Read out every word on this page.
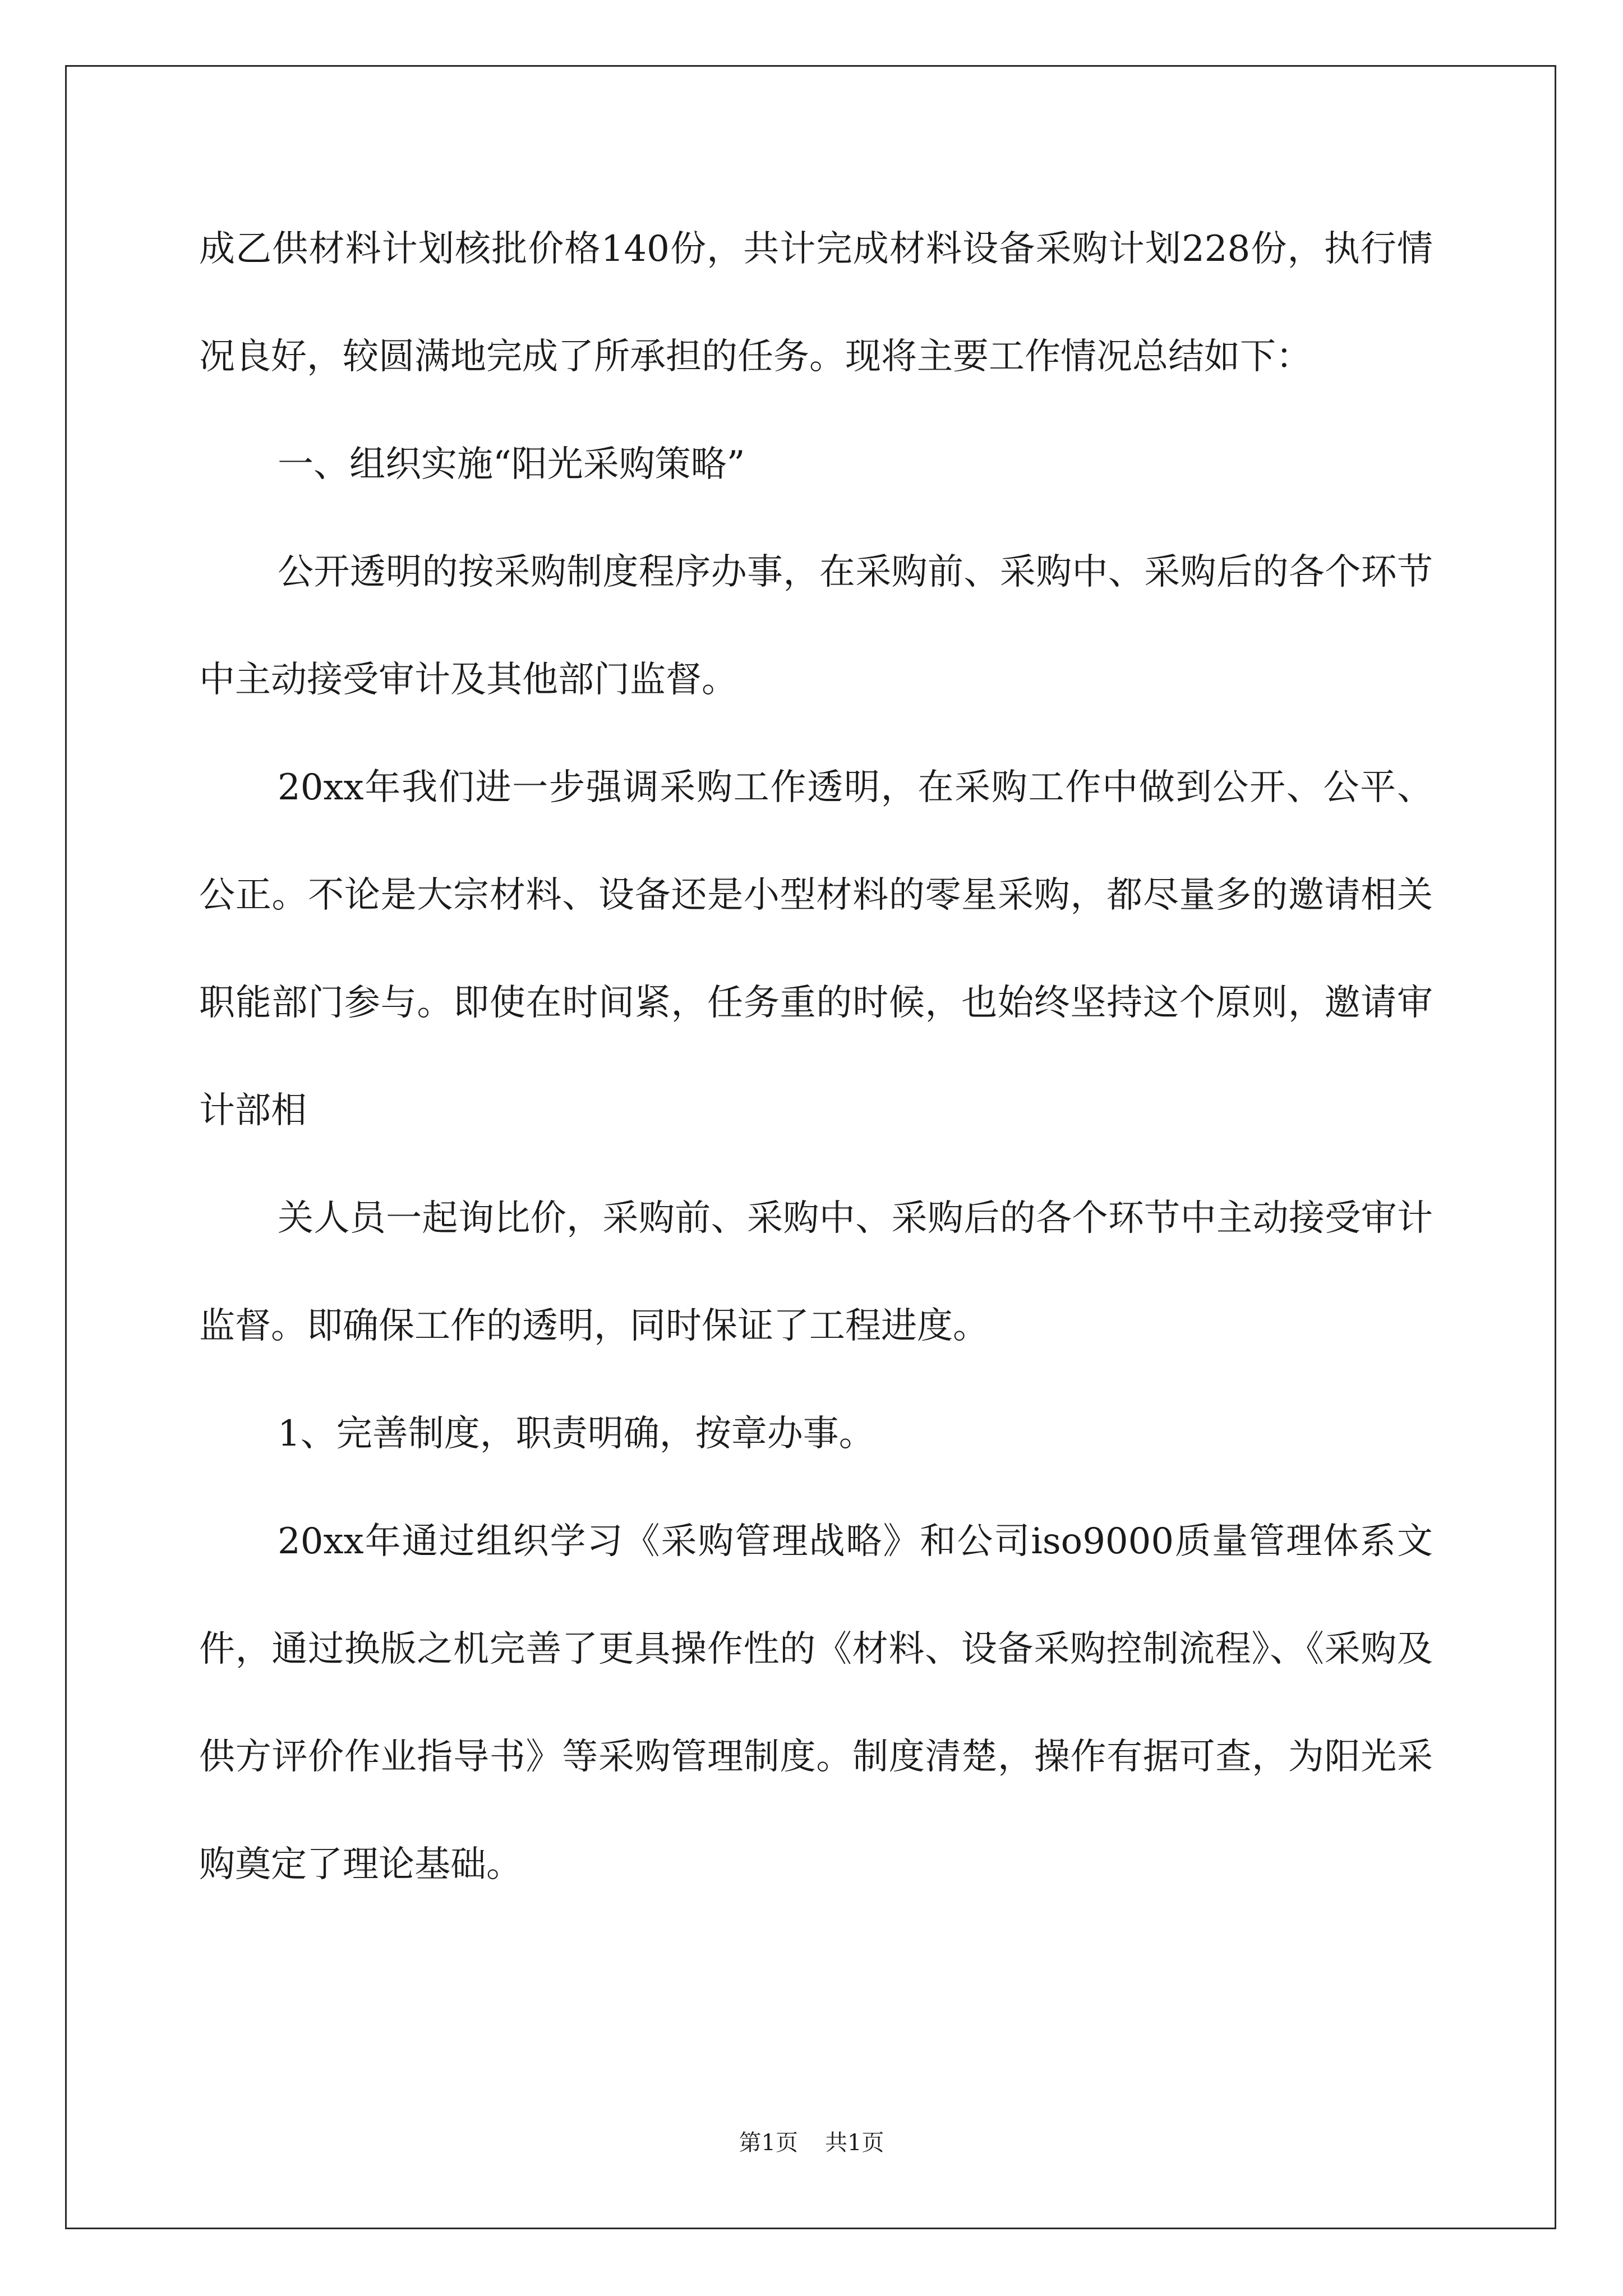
成乙供材料计划核批价格140份，共计完成材料设备采购计划228份，执行情况良好，较圆满地完成了所承担的任务。现将主要工作情况总结如下：

一、组织实施“阳光采购策略”

公开透明的按采购制度程序办事，在采购前、采购中、采购后的各个环节中主动接受审计及其他部门监督。

20xx年我们进一步强调采购工作透明，在采购工作中做到公开、公平、公正。不论是大宗材料、设备还是小型材料的零星采购，都尽量多的邀请相关职能部门参与。即使在时间紧，任务重的时候，也始终坚持这个原则，邀请审计部相

关人员一起询比价，采购前、采购中、采购后的各个环节中主动接受审计监督。即确保工作的透明，同时保证了工程进度。

1、完善制度，职责明确，按章办事。

20xx年通过组织学习《采购管理战略》和公司iso9000质量管理体系文件，通过换版之机完善了更具操作性的《材料、设备采购控制流程》、《采购及供方评价作业指导书》等采购管理制度。制度清楚，操作有据可查，为阳光采购奠定了理论基础。

第1页 共1页
